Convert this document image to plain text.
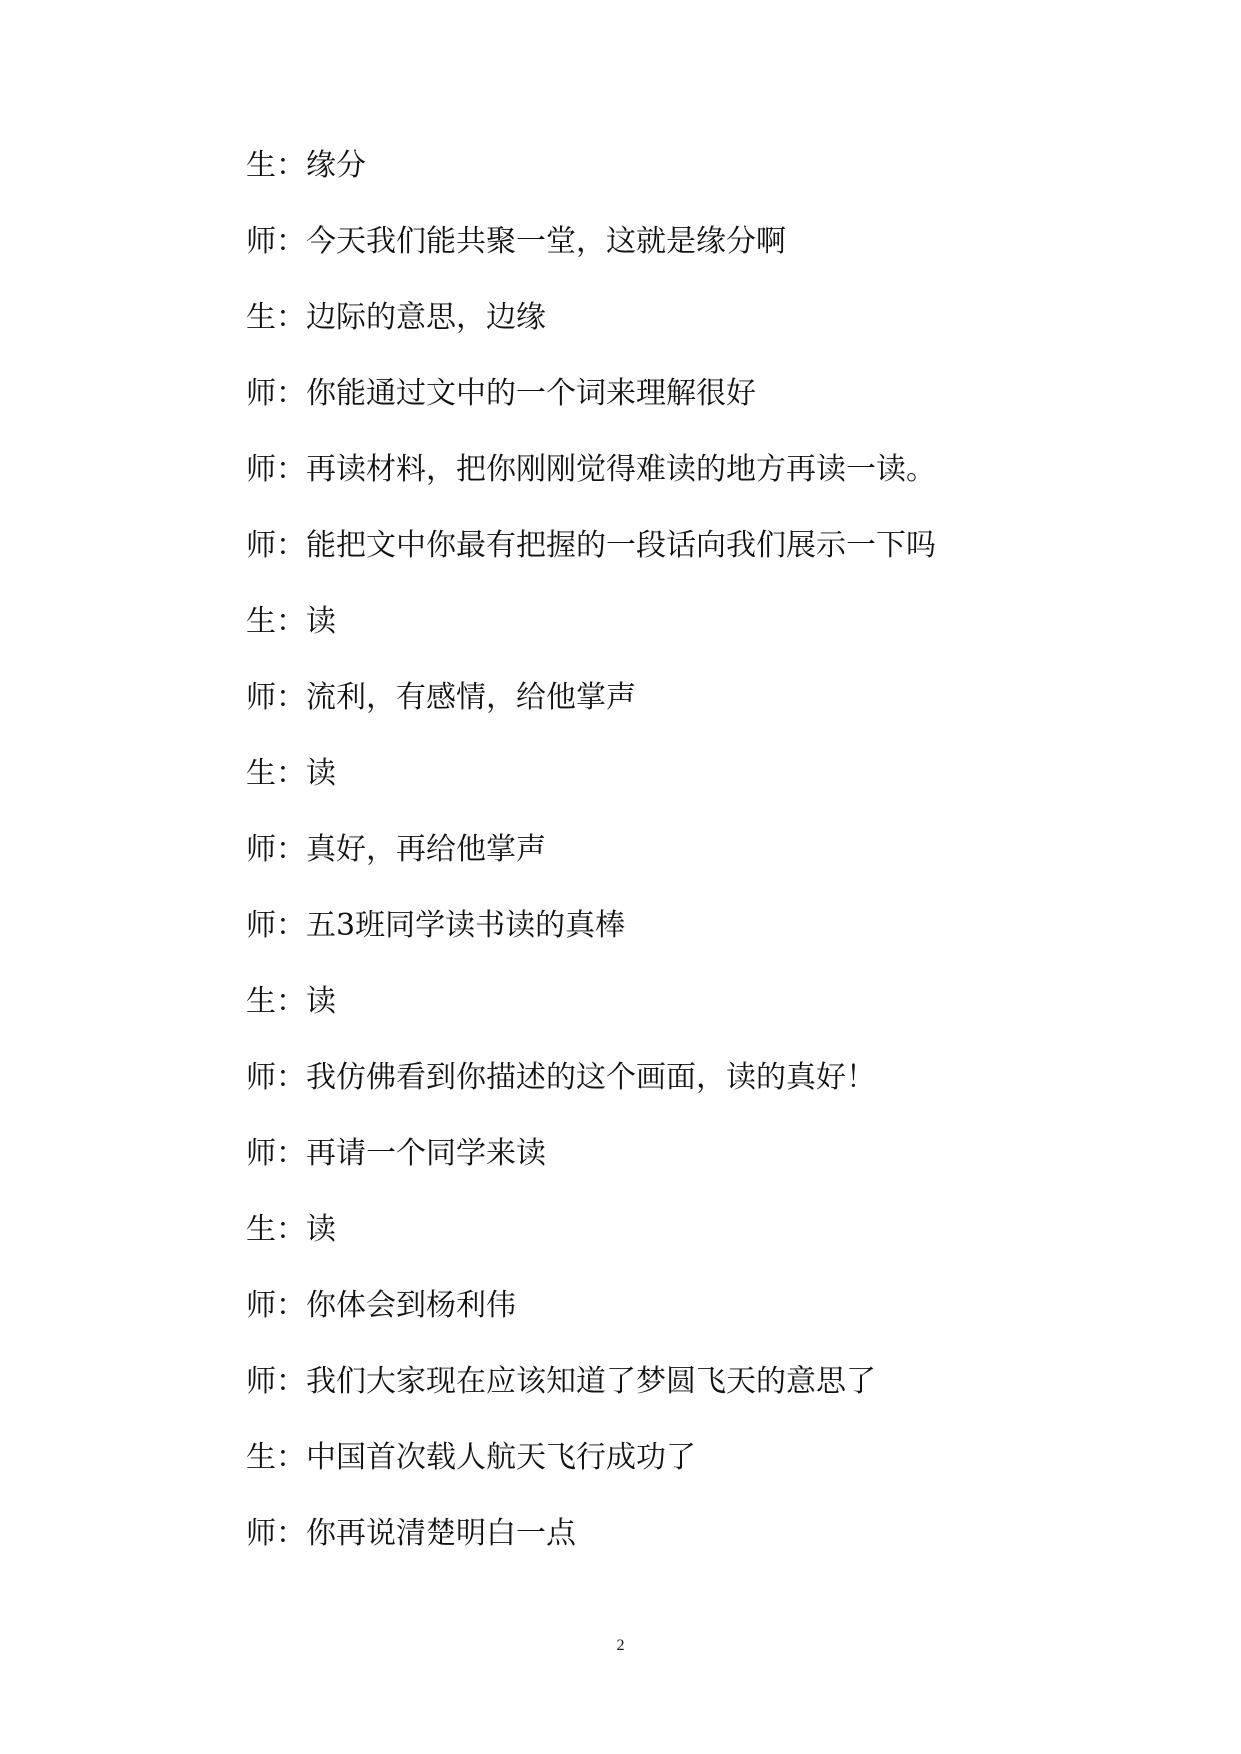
生：缘分
师：今天我们能共聚一堂，这就是缘分啊
生：边际的意思，边缘
师：你能通过文中的一个词来理解很好
师：再读材料，把你刚刚觉得难读的地方再读一读。
师：能把文中你最有把握的一段话向我们展示一下吗
生：读
师：流利，有感情，给他掌声
生：读
师：真好，再给他掌声
师：五3班同学读书读的真棒
生：读
师：我仿佛看到你描述的这个画面，读的真好！
师：再请一个同学来读
生：读
师：你体会到杨利伟
师：我们大家现在应该知道了梦圆飞天的意思了
生：中国首次载人航天飞行成功了
师：你再说清楚明白一点
2
